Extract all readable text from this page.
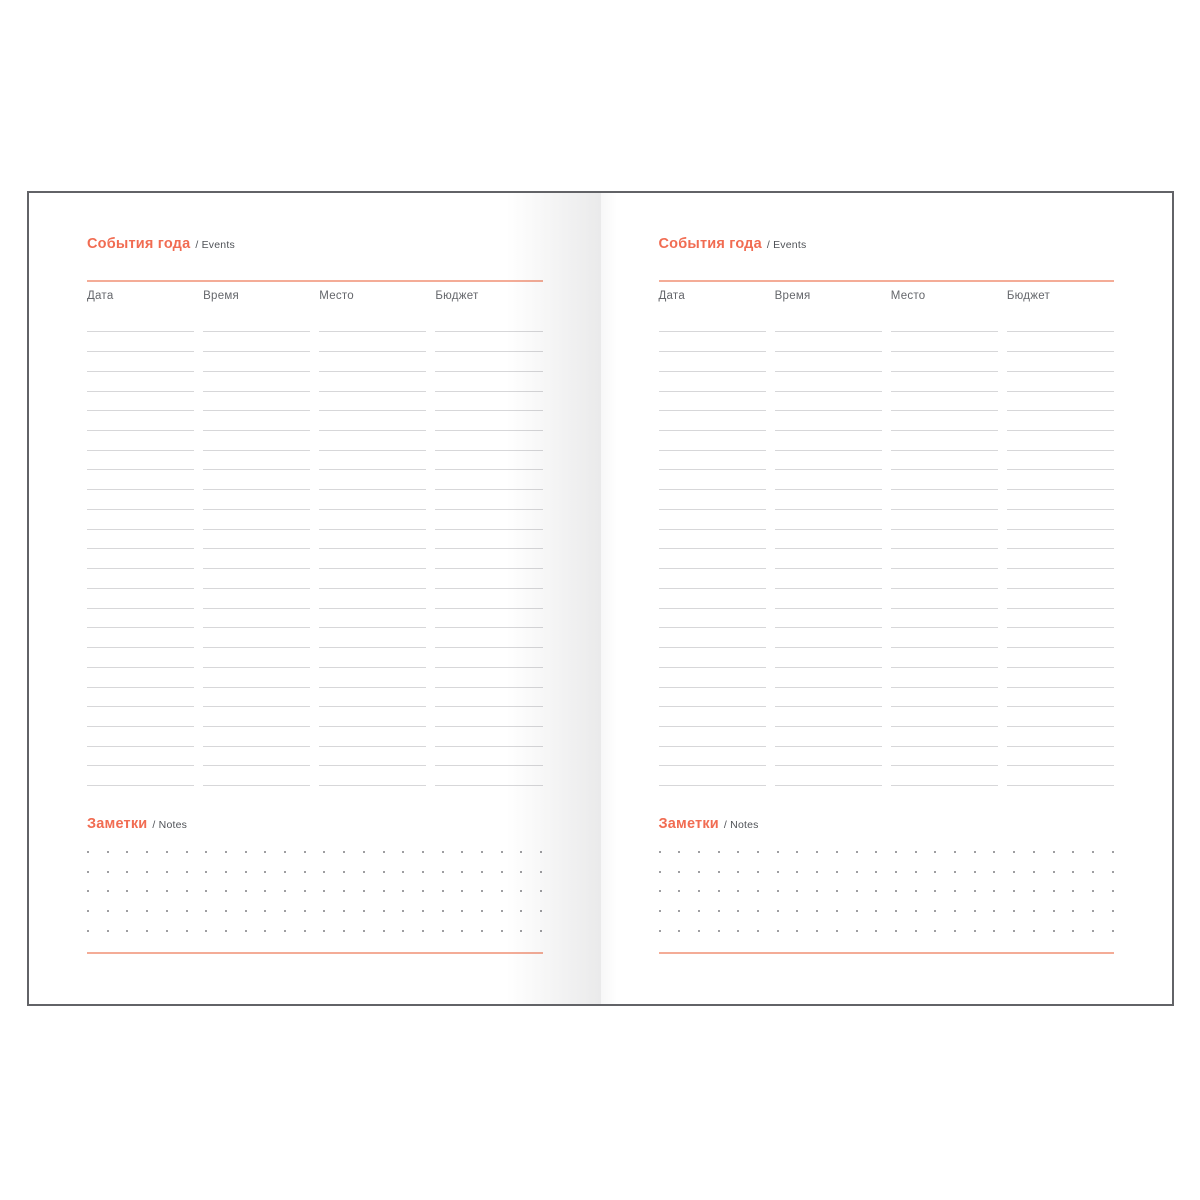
События года / Events
Дата	Время	Место	Бюджет
Заметки / Notes
События года / Events
Дата	Время	Место	Бюджет
Заметки / Notes
